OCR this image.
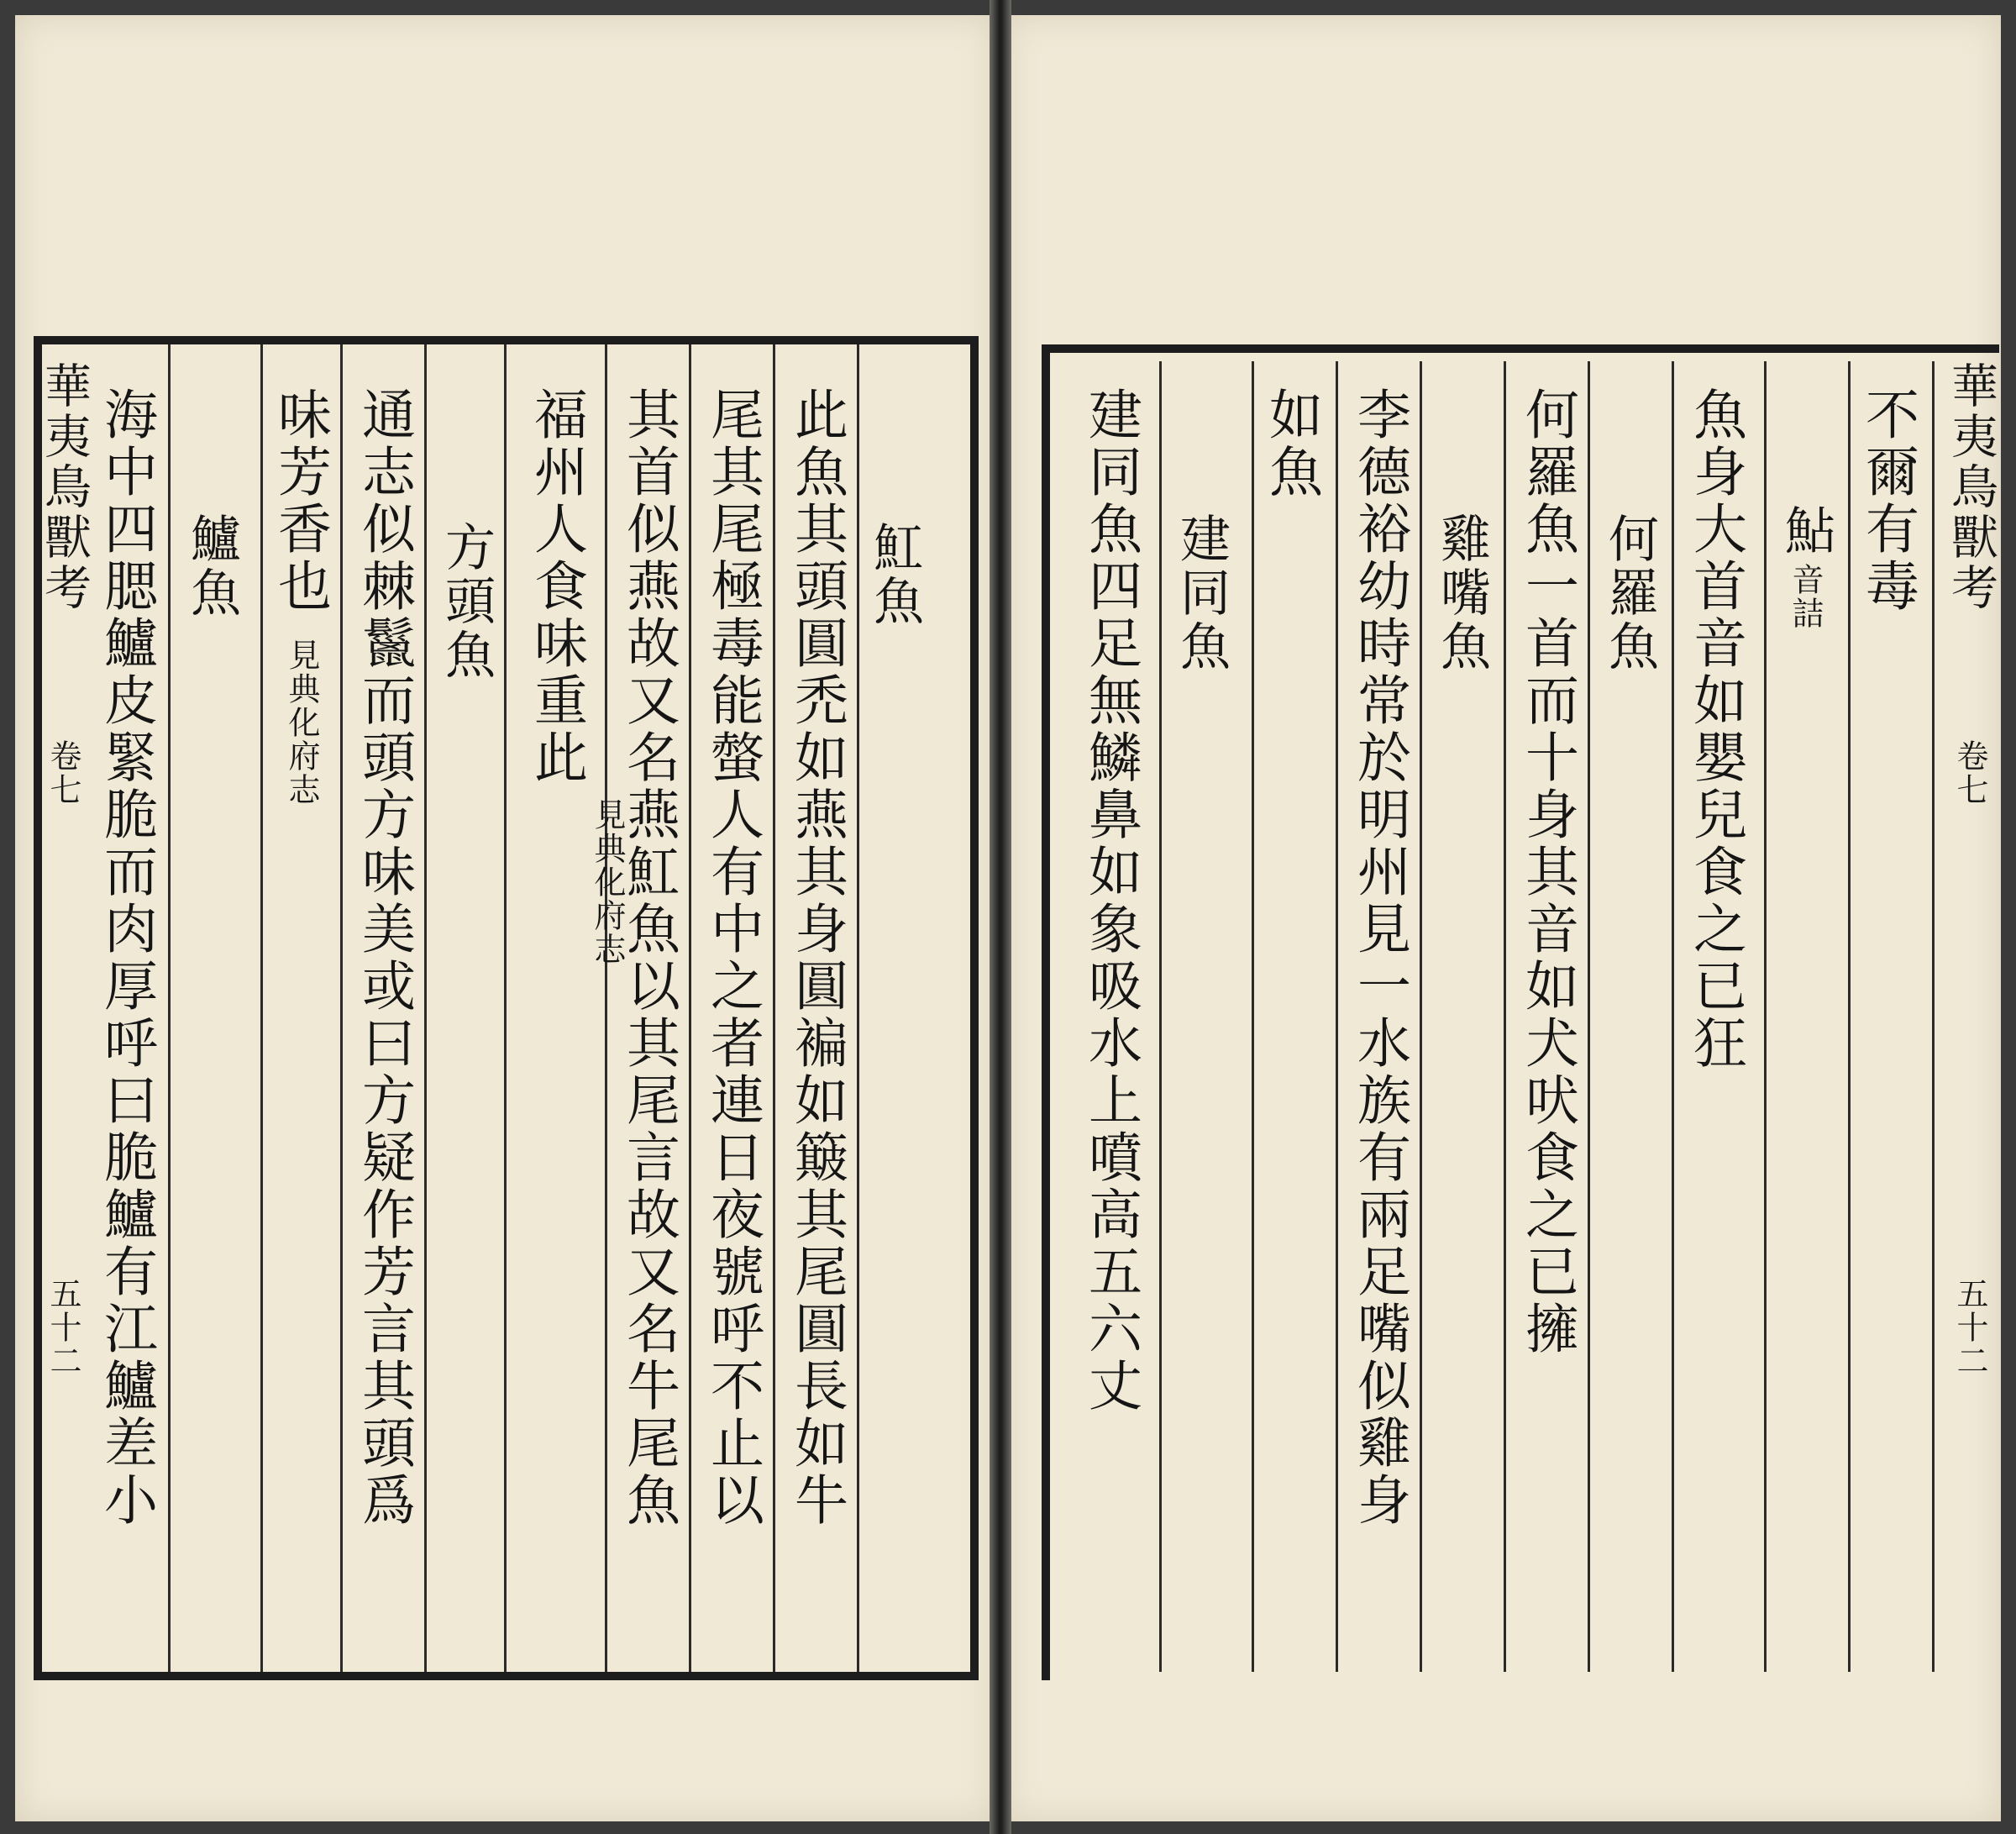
華夷鳥獸考
卷七
五十二
魟魚
此魚其頭圓禿如燕其身圓褊如簸其尾圓長如牛
尾其尾極毒能螫人有中之者連日夜號呼不止以
其首似燕故又名燕魟魚以其尾言故又名牛尾魚
福州人食味重此
見典化府志
方頭魚
通志似棘鬣而頭方味美或曰方疑作芳言其頭爲
味芳香也
見典化府志
鱸魚
海中四腮鱸皮緊脆而肉厚呼曰脆鱸有江鱸差小	華夷鳥獸考
卷七
五十二
不爾有毒
鮎
音詰
魚身大首音如嬰兒食之已狂
何羅魚
何羅魚一首而十身其音如犬吠食之已擁
雞嘴魚
李德裕幼時常於明州見一水族有兩足嘴似雞身
如魚
建同魚
建同魚四足無鱗鼻如象吸水上噴高五六丈
